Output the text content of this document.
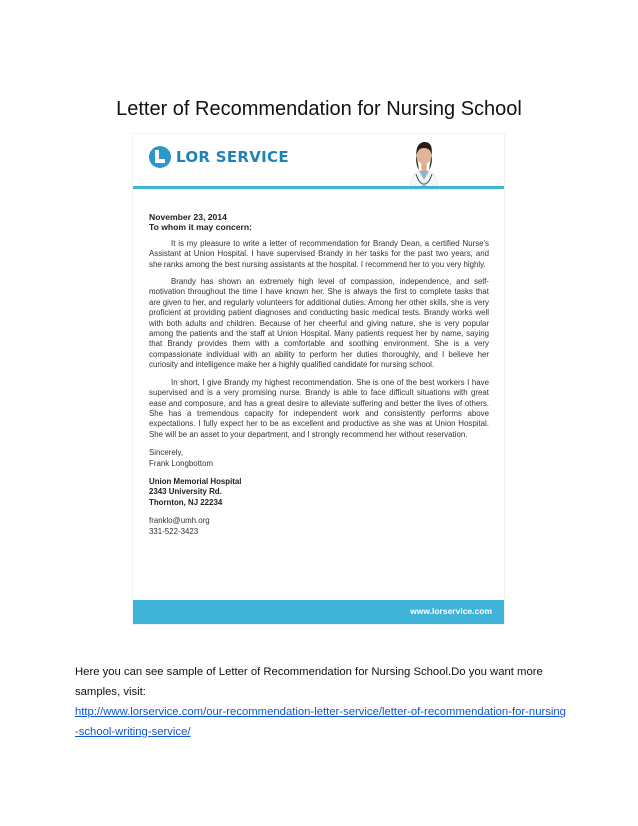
Letter of Recommendation for Nursing School
LOR SERVICE
November 23, 2014
To whom it may concern:

It is my pleasure to write a letter of recommendation for Brandy Dean, a certified Nurse's Assistant at Union Hospital. I have supervised Brandy in her tasks for the past two years, and she ranks among the best nursing assistants at the hospital. I recommend her to you very highly.

Brandy has shown an extremely high level of compassion, independence, and self-motivation throughout the time I have known her. She is always the first to complete tasks that are given to her, and regularly volunteers for additional duties. Among her other skills, she is very proficient at providing patient diagnoses and conducting basic medical tests. Brandy works well with both adults and children. Because of her cheerful and giving nature, she is very popular among the patients and the staff at Union Hospital. Many patients request her by name, saying that Brandy provides them with a comfortable and soothing environment. She is a very compassionate individual with an ability to perform her duties thoroughly, and I believe her curiosity and intelligence make her a highly qualified candidate for nursing school.

In short, I give Brandy my highest recommendation. She is one of the best workers I have supervised and is a very promising nurse. Brandy is able to face difficult situations with great ease and composure, and has a great desire to alleviate suffering and better the lives of others. She has a tremendous capacity for independent work and consistently performs above expectations. I fully expect her to be as excellent and productive as she was at Union Hospital. She will be an asset to your department, and I strongly recommend her without reservation.

Sincerely,
Frank Longbottom
Union Memorial Hospital
2343 University Rd.
Thornton, NJ 22234
franklo@umh.org
331-522-3423
www.lorservice.com
Here you can see sample of Letter of Recommendation for Nursing School.Do you want more samples, visit:
http://www.lorservice.com/our-recommendation-letter-service/letter-of-recommendation-for-nursing-school-writing-service/
